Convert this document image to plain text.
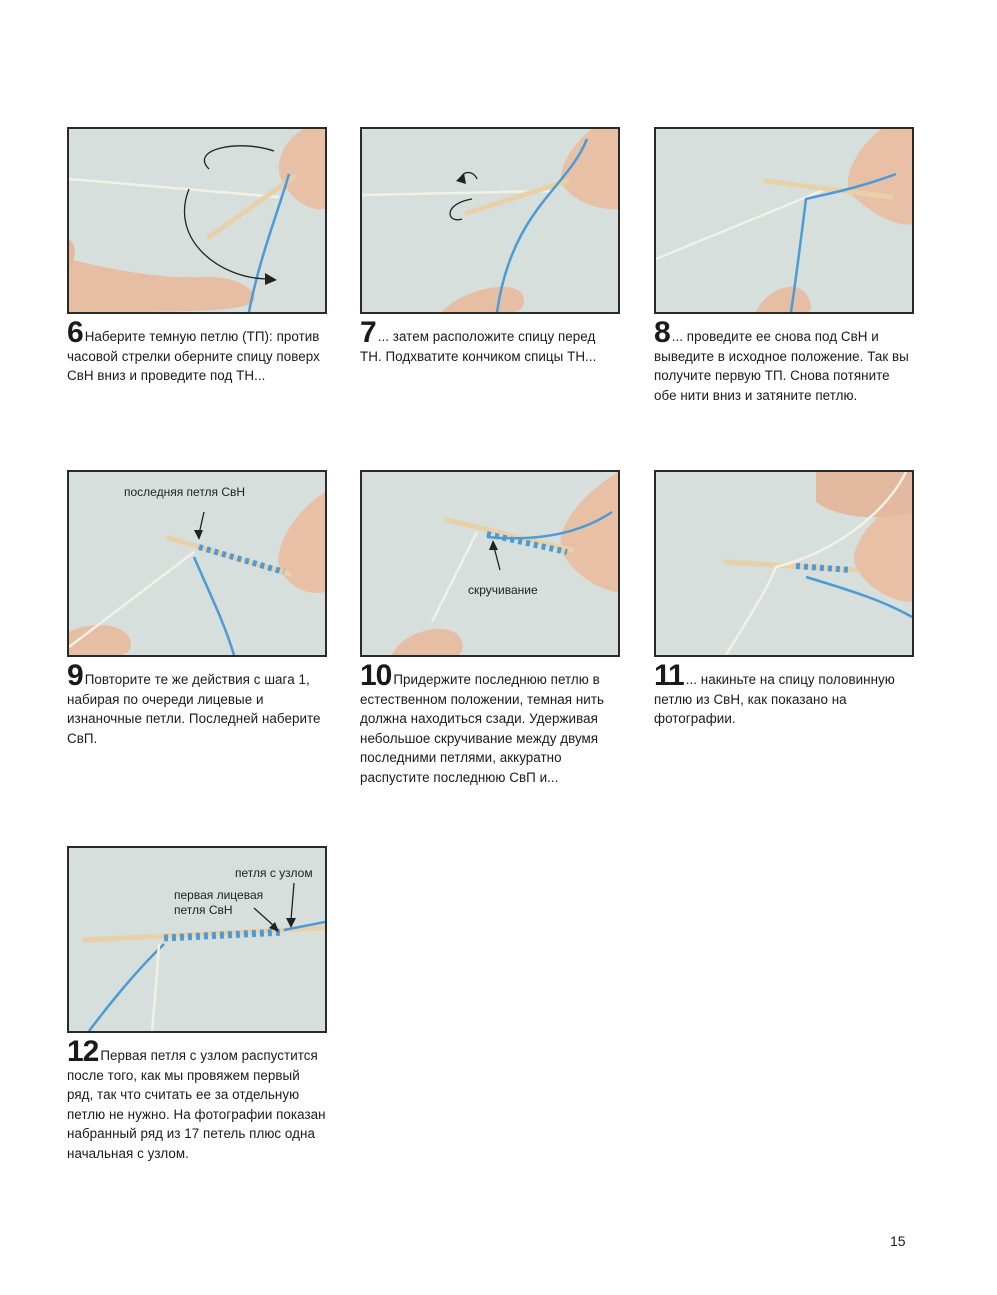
6 Наберите темную петлю (ТП): против часовой стрелки оберните спицу поверх СвН вниз и проведите под ТН...
7 ... затем расположите спицу перед ТН. Подхватите кончиком спицы ТН...
8 ... проведите ее снова под СвН и выведите в исходное положение. Так вы получите первую ТП. Снова потяните обе нити вниз и затяните петлю.
последняя петля СвН
9 Повторите те же действия с шага 1, набирая по очереди лицевые и изнаночные петли. Последней наберите СвП.
скручивание
10 Придержите последнюю петлю в естественном положении, темная нить должна находиться сзади. Удерживая небольшое скручивание между двумя последними петлями, аккуратно распустите последнюю СвП и...
11 ... накиньте на спицу половинную петлю из СвН, как показано на фотографии.
петля с узлом
первая лицевая
петля СвН
12 Первая петля с узлом распустится после того, как мы провяжем первый ряд, так что считать ее за отдельную петлю не нужно. На фотографии показан набранный ряд из 17 петель плюс одна начальная с узлом.
15
